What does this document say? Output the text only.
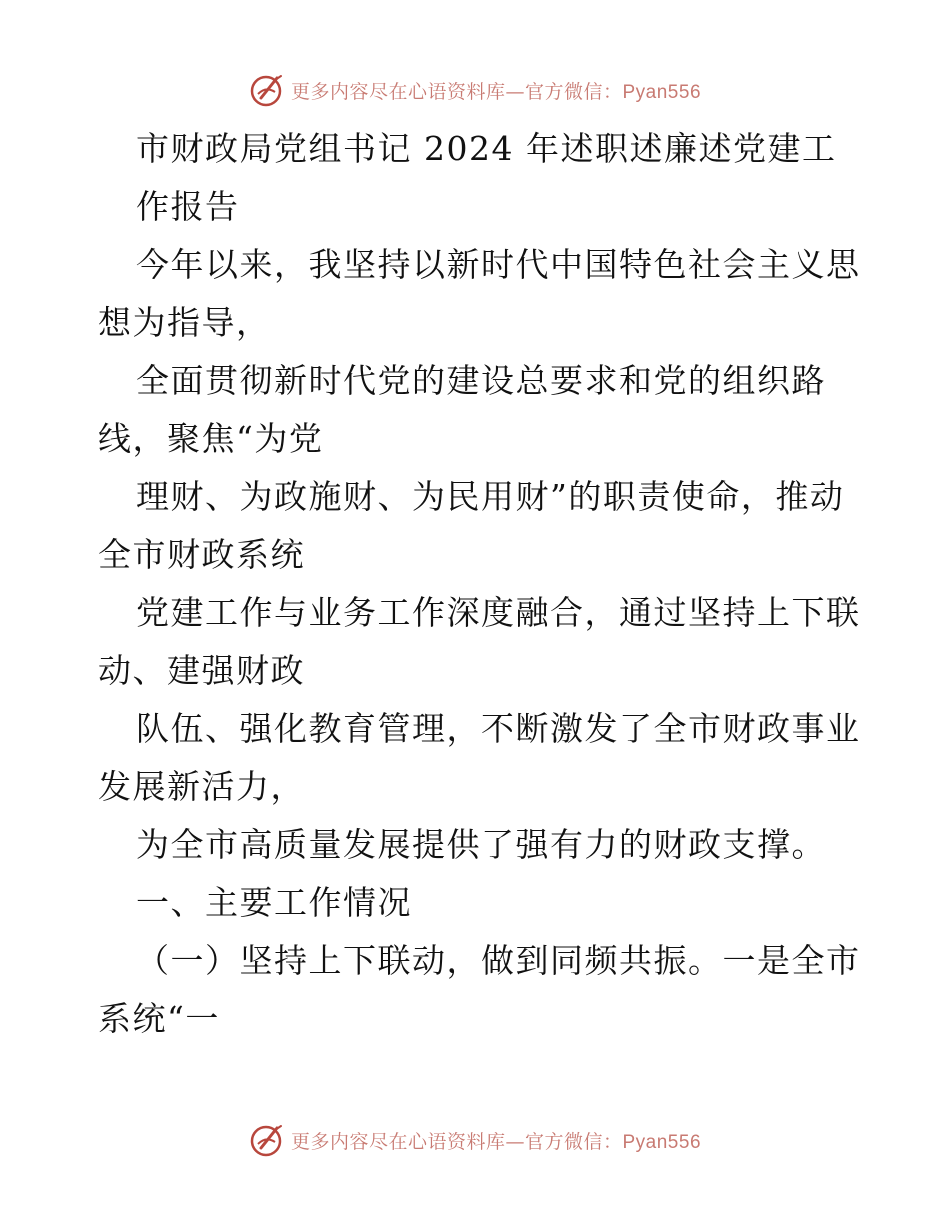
更多内容尽在心语资料库—官方微信：Pyan556
市财政局党组书记 2024 年述职述廉述党建工
作报告
今年以来，我坚持以新时代中国特色社会主义思
想为指导，
全面贯彻新时代党的建设总要求和党的组织路
线，聚焦“为党
理财、为政施财、为民用财”的职责使命，推动
全市财政系统
党建工作与业务工作深度融合，通过坚持上下联
动、建强财政
队伍、强化教育管理，不断激发了全市财政事业
发展新活力，
为全市高质量发展提供了强有力的财政支撑。
一、主要工作情况
（一）坚持上下联动，做到同频共振。一是全市
系统“一
更多内容尽在心语资料库—官方微信：Pyan556
